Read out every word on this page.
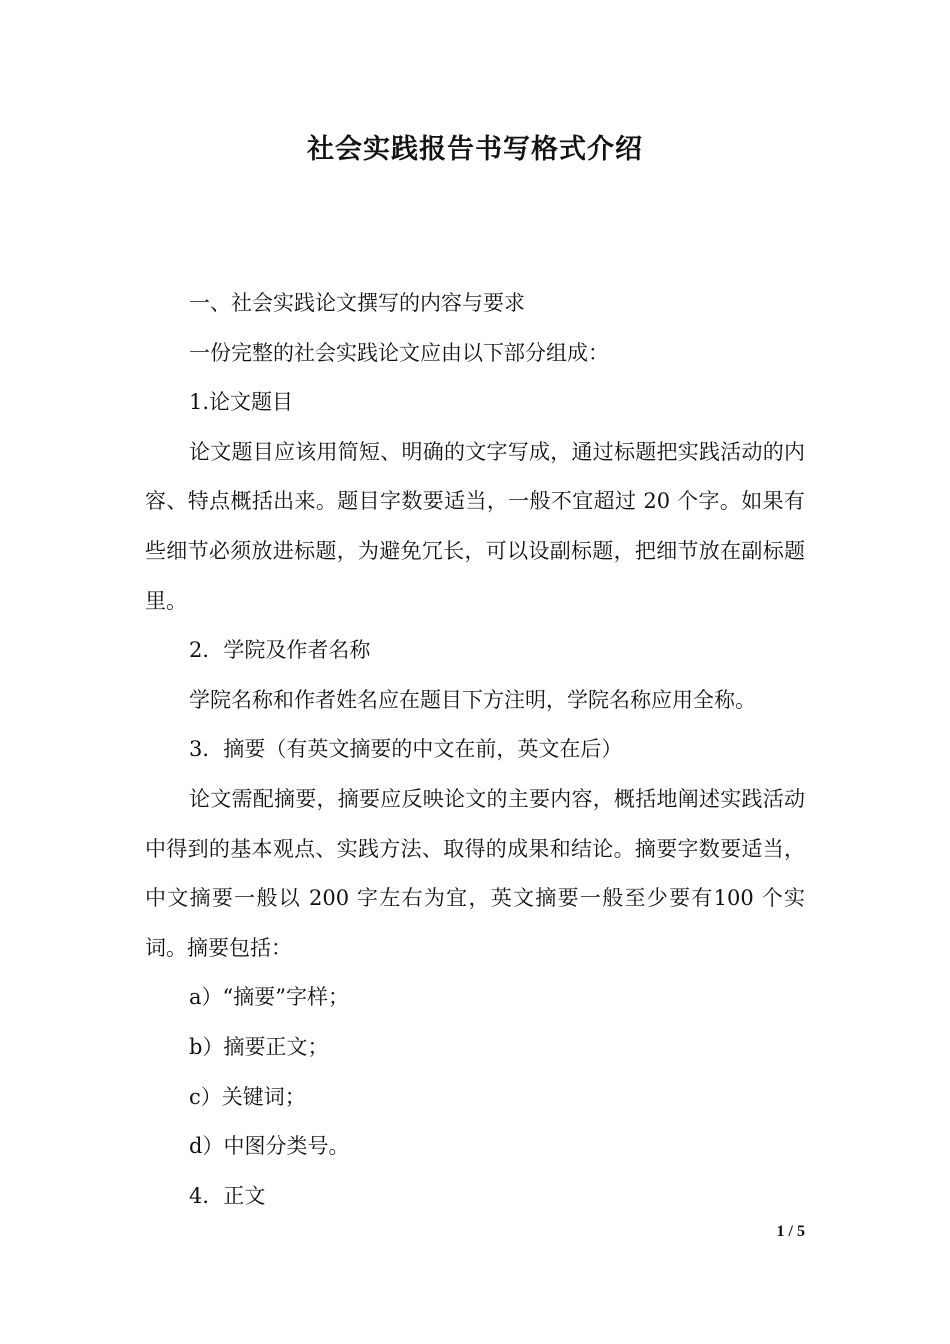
社会实践报告书写格式介绍

一、社会实践论文撰写的内容与要求

一份完整的社会实践论文应由以下部分组成：

1.论文题目

论文题目应该用简短、明确的文字写成，通过标题把实践活动的内容、特点概括出来。题目字数要适当，一般不宜超过 20 个字。如果有些细节必须放进标题，为避免冗长，可以设副标题，把细节放在副标题里。

2．学院及作者名称

学院名称和作者姓名应在题目下方注明，学院名称应用全称。

3．摘要（有英文摘要的中文在前，英文在后）

论文需配摘要，摘要应反映论文的主要内容，概括地阐述实践活动中得到的基本观点、实践方法、取得的成果和结论。摘要字数要适当，中文摘要一般以 200 字左右为宜，英文摘要一般至少要有100 个实词。摘要包括：

a）“摘要”字样；

b）摘要正文；

c）关键词；

d）中图分类号。

4．正文

1 / 5
